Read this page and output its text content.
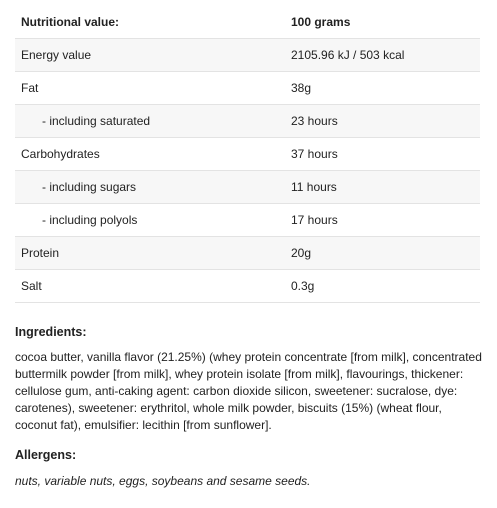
Nutritional value:	100 grams
Energy value	2105.96 kJ / 503 kcal
Fat	38g
- including saturated	23 hours
Carbohydrates	37 hours
- including sugars	11 hours
- including polyols	17 hours
Protein	20g
Salt	0.3g
Ingredients:

cocoa butter, vanilla flavor (21.25%) (whey protein concentrate [from milk], concentrated buttermilk powder [from milk], whey protein isolate [from milk], flavourings, thickener: cellulose gum, anti-caking agent: carbon dioxide silicon, sweetener: sucralose, dye: carotenes), sweetener: erythritol, whole milk powder, biscuits (15%) (wheat flour, coconut fat), emulsifier: lecithin [from sunflower].

Allergens:

nuts, variable nuts, eggs, soybeans and sesame seeds.
